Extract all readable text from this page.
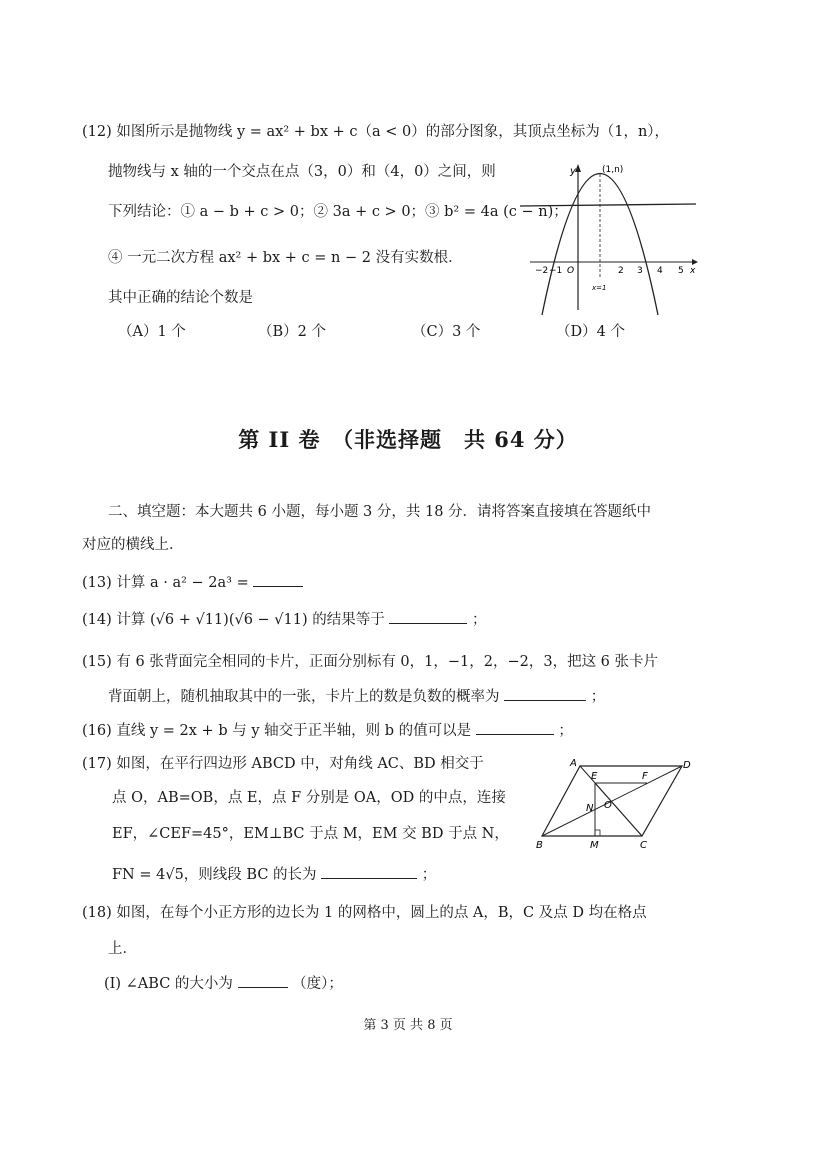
(12) 如图所示是抛物线 y = ax² + bx + c（a < 0）的部分图象，其顶点坐标为（1，n），
抛物线与 x 轴的一个交点在点（3，0）和（4，0）之间，则
下列结论：① a − b + c > 0；② 3a + c > 0；③ b² = 4a (c − n)；
④ 一元二次方程 ax² + bx + c = n − 2 没有实数根．
其中正确的结论个数是
（A）1 个	（B）2 个	（C）3 个	（D）4 个
y
x
(1,n)
O
−2 −1	2 3 4 5
x=1
第 II 卷　（非选择题　共 64 分）
二、填空题：本大题共 6 小题，每小题 3 分，共 18 分．请将答案直接填在答题纸中
对应的横线上．
(13) 计算 a · a² − 2a³ =
(14) 计算 (√6 + √11)(√6 − √11) 的结果等于	；
(15) 有 6 张背面完全相同的卡片，正面分别标有 0，1，−1，2，−2，3，把这 6 张卡片
背面朝上，随机抽取其中的一张，卡片上的数是负数的概率为	；
(16) 直线 y = 2x + b 与 y 轴交于正半轴，则 b 的值可以是	；
(17) 如图，在平行四边形 ABCD 中，对角线 AC、BD 相交于
点 O，AB=OB，点 E，点 F 分别是 OA，OD 的中点，连接
EF，∠CEF=45°，EM⊥BC 于点 M，EM 交 BD 于点 N，
FN = 4√5，则线段 BC 的长为	；
A	D
B	C
E	F
M
N O
(18) 如图，在每个小正方形的边长为 1 的网格中，圆上的点 A，B，C 及点 D 均在格点
上．
(I) ∠ABC 的大小为	（度）；
第 3 页 共 8 页
